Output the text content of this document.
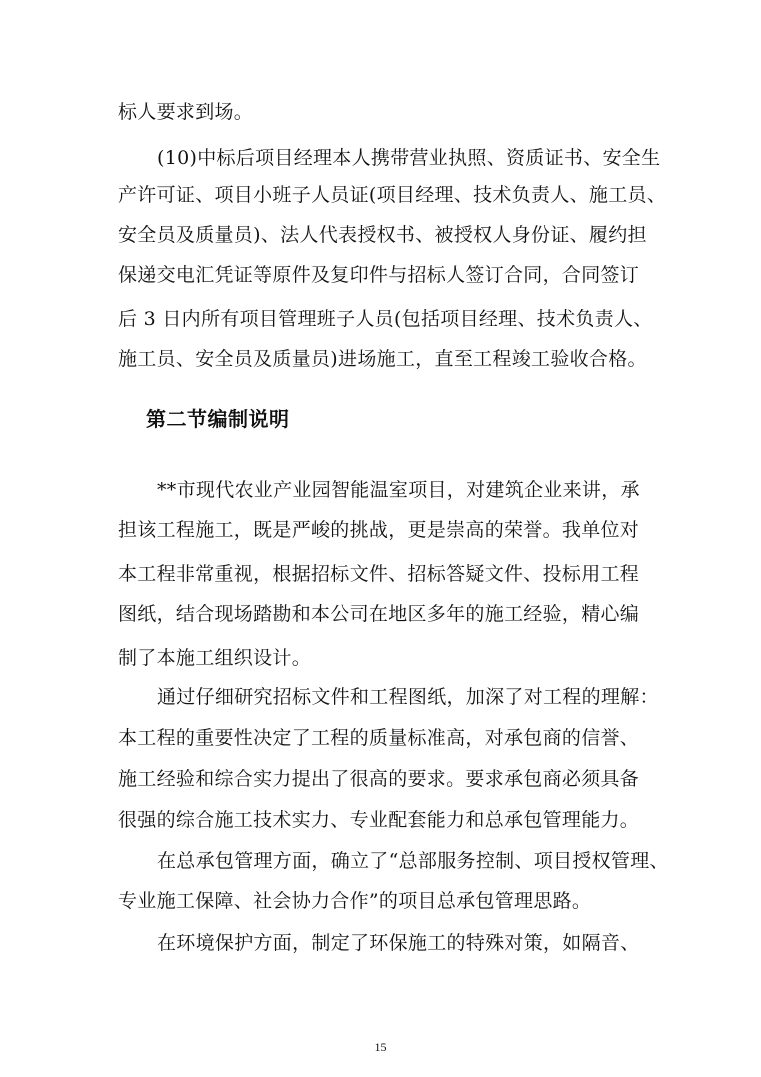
标人要求到场。
(10)中标后项目经理本人携带营业执照、资质证书、安全生
产许可证、项目小班子人员证(项目经理、技术负责人、施工员、
安全员及质量员)、法人代表授权书、被授权人身份证、履约担
保递交电汇凭证等原件及复印件与招标人签订合同，合同签订
后 3 日内所有项目管理班子人员(包括项目经理、技术负责人、
施工员、安全员及质量员)进场施工，直至工程竣工验收合格。
第二节编制说明
**市现代农业产业园智能温室项目，对建筑企业来讲，承
担该工程施工，既是严峻的挑战，更是崇高的荣誉。我单位对
本工程非常重视，根据招标文件、招标答疑文件、投标用工程
图纸，结合现场踏勘和本公司在地区多年的施工经验，精心编
制了本施工组织设计。
通过仔细研究招标文件和工程图纸，加深了对工程的理解：
本工程的重要性决定了工程的质量标准高，对承包商的信誉、
施工经验和综合实力提出了很高的要求。要求承包商必须具备
很强的综合施工技术实力、专业配套能力和总承包管理能力。
在总承包管理方面，确立了“总部服务控制、项目授权管理、
专业施工保障、社会协力合作”的项目总承包管理思路。
在环境保护方面，制定了环保施工的特殊对策，如隔音、
15
